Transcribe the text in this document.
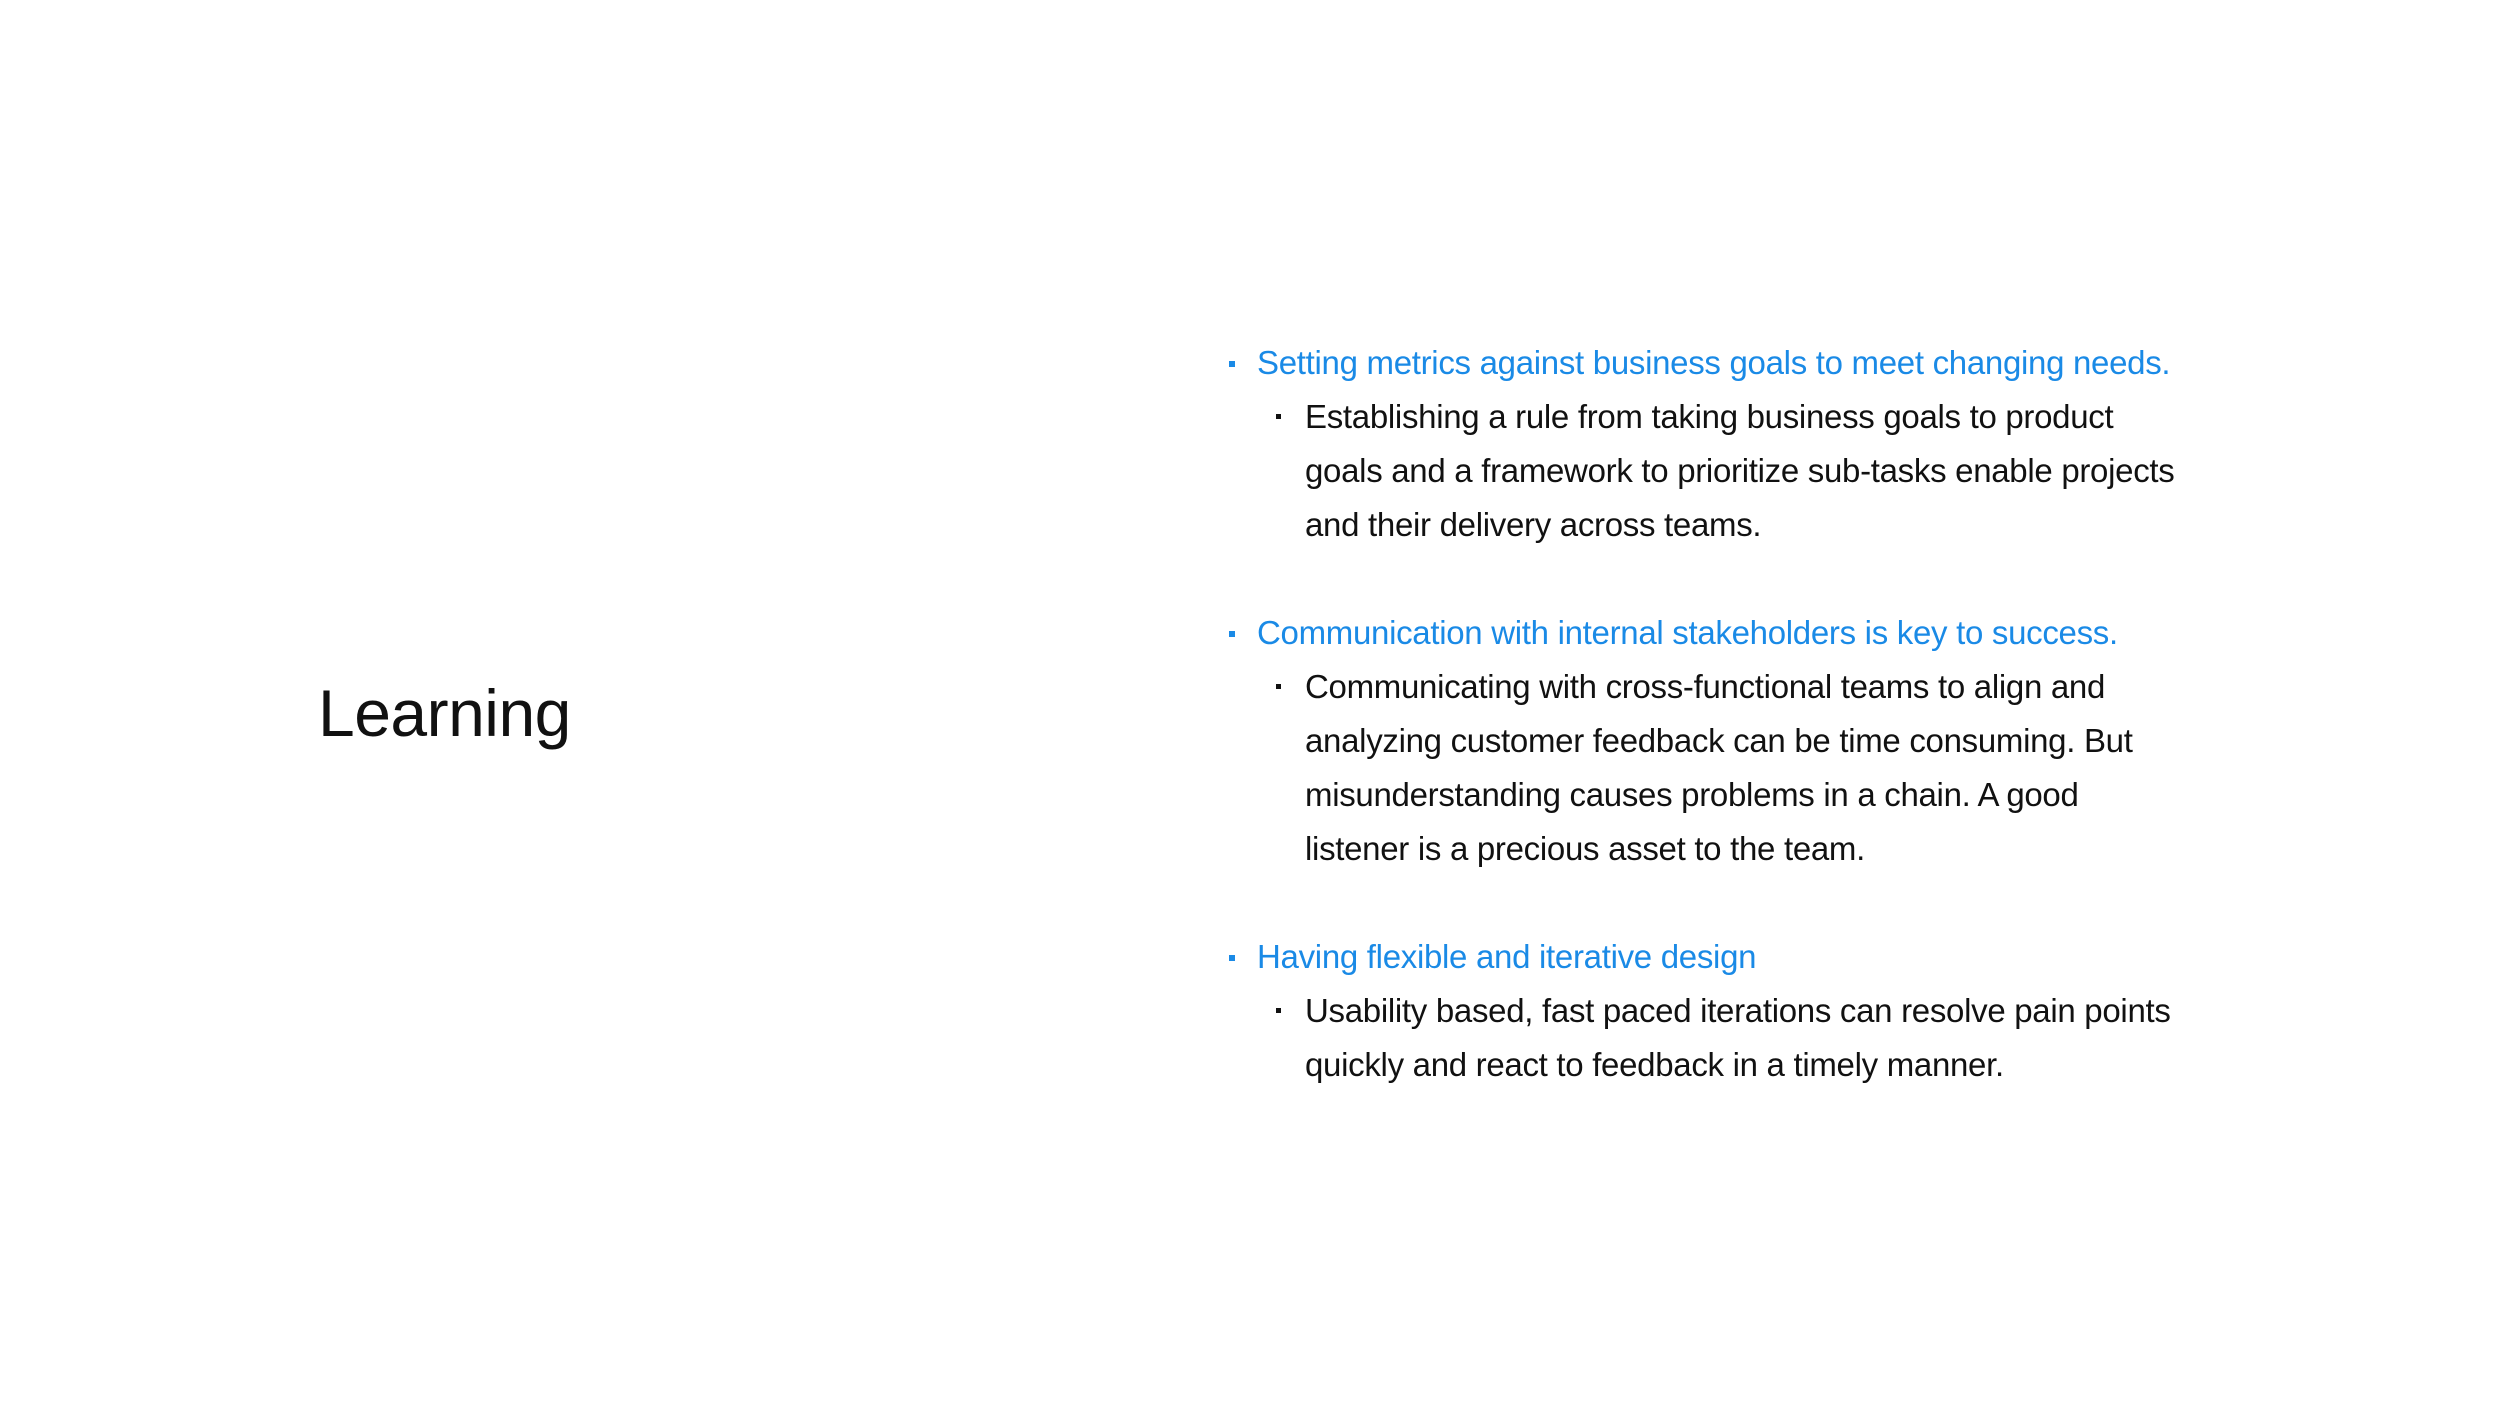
Learning
Setting metrics against business goals to meet changing needs.
Establishing a rule from taking business goals to product goals and a framework to prioritize sub-tasks enable projects and their delivery across teams.
Communication with internal stakeholders is key to success.
Communicating with cross-functional teams to align and analyzing customer feedback can be time consuming. But misunderstanding causes problems in a chain. A good listener is a precious asset to the team.
Having flexible and iterative design
Usability based, fast paced iterations can resolve pain points quickly and react to feedback in a timely manner.
